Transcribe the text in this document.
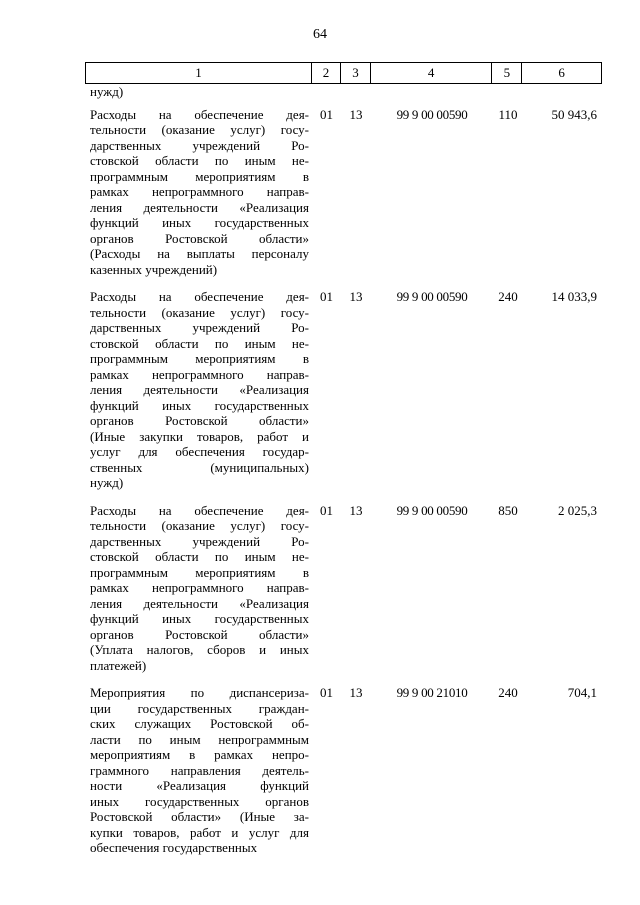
64
1	2	3	4	5	6
нужд)
Расходы на обеспечение дея-
тельности (оказание услуг) госу-
дарственных учреждений Ро-
стовской области по иным не-
программным мероприятиям в
рамках непрограммного направ-
ления деятельности «Реализация
функций иных государственных
органов Ростовской области»
(Расходы на выплаты персоналу
казенных учреждений)
01	13	99 9 00 00590	110	50 943,6
Расходы на обеспечение дея-
тельности (оказание услуг) госу-
дарственных учреждений Ро-
стовской области по иным не-
программным мероприятиям в
рамках непрограммного направ-
ления деятельности «Реализация
функций иных государственных
органов Ростовской области»
(Иные закупки товаров, работ и
услуг для обеспечения государ-
ственных (муниципальных)
нужд)
01	13	99 9 00 00590	240	14 033,9
Расходы на обеспечение дея-
тельности (оказание услуг) госу-
дарственных учреждений Ро-
стовской области по иным не-
программным мероприятиям в
рамках непрограммного направ-
ления деятельности «Реализация
функций иных государственных
органов Ростовской области»
(Уплата налогов, сборов и иных
платежей)
01	13	99 9 00 00590	850	2 025,3
Мероприятия по диспансеризa-
ции государственных граждан-
ских служащих Ростовской об-
ласти по иным непрограммным
мероприятиям в рамках непро-
граммного направления деятель-
ности «Реализация функций
иных государственных органов
Ростовской области» (Иные за-
купки товаров, работ и услуг для
обеспечения государственных
01	13	99 9 00 21010	240	704,1
